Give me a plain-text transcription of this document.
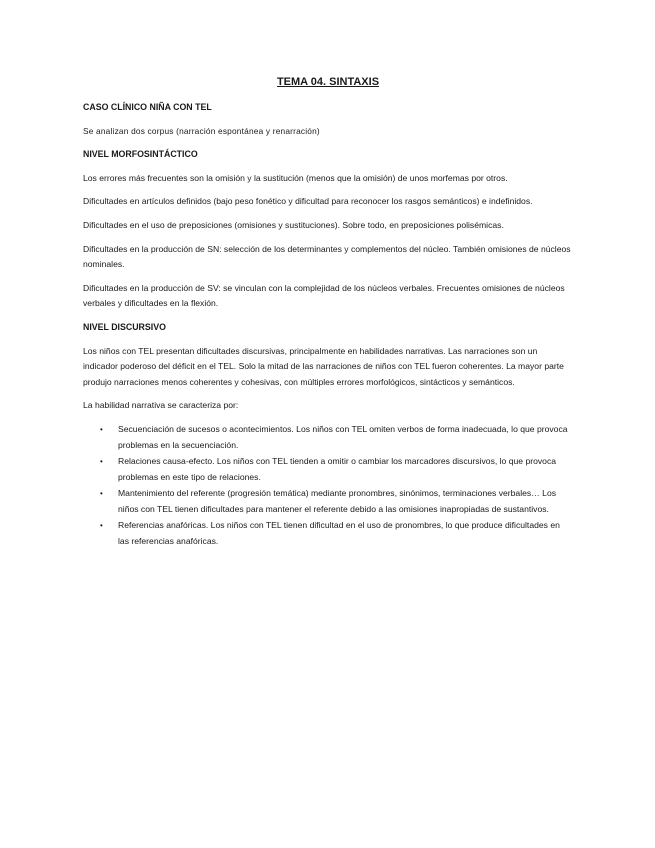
TEMA 04. SINTAXIS
CASO CLÍNICO NIÑA CON TEL
Se analizan dos corpus (narración espontánea y renarración)
NIVEL MORFOSINTÁCTICO

Los errores más frecuentes son la omisión y la sustitución (menos que la omisión) de unos morfemas por otros.

Dificultades en artículos definidos (bajo peso fonético y dificultad para reconocer los rasgos semánticos) e indefinidos.

Dificultades en el uso de preposiciones (omisiones y sustituciones). Sobre todo, en preposiciones polisémicas.

Dificultades en la producción de SN: selección de los determinantes y complementos del núcleo. También omisiones de núcleos nominales.

Dificultades en la producción de SV: se vinculan con la complejidad de los núcleos verbales. Frecuentes omisiones de núcleos verbales y dificultades en la flexión.

NIVEL DISCURSIVO

Los niños con TEL presentan dificultades discursivas, principalmente en habilidades narrativas. Las narraciones son un indicador poderoso del déficit en el TEL. Solo la mitad de las narraciones de niños con TEL fueron coherentes. La mayor parte produjo narraciones menos coherentes y cohesivas, con múltiples errores morfológicos, sintácticos y semánticos.

La habilidad narrativa se caracteriza por:

• Secuenciación de sucesos o acontecimientos. Los niños con TEL omiten verbos de forma inadecuada, lo que provoca problemas en la secuenciación.
• Relaciones causa-efecto. Los niños con TEL tienden a omitir o cambiar los marcadores discursivos, lo que provoca problemas en este tipo de relaciones.
• Mantenimiento del referente (progresión temática) mediante pronombres, sinónimos, terminaciones verbales… Los niños con TEL tienen dificultades para mantener el referente debido a las omisiones inapropiadas de sustantivos.
• Referencias anafóricas. Los niños con TEL tienen dificultad en el uso de pronombres, lo que produce dificultades en las referencias anafóricas.
